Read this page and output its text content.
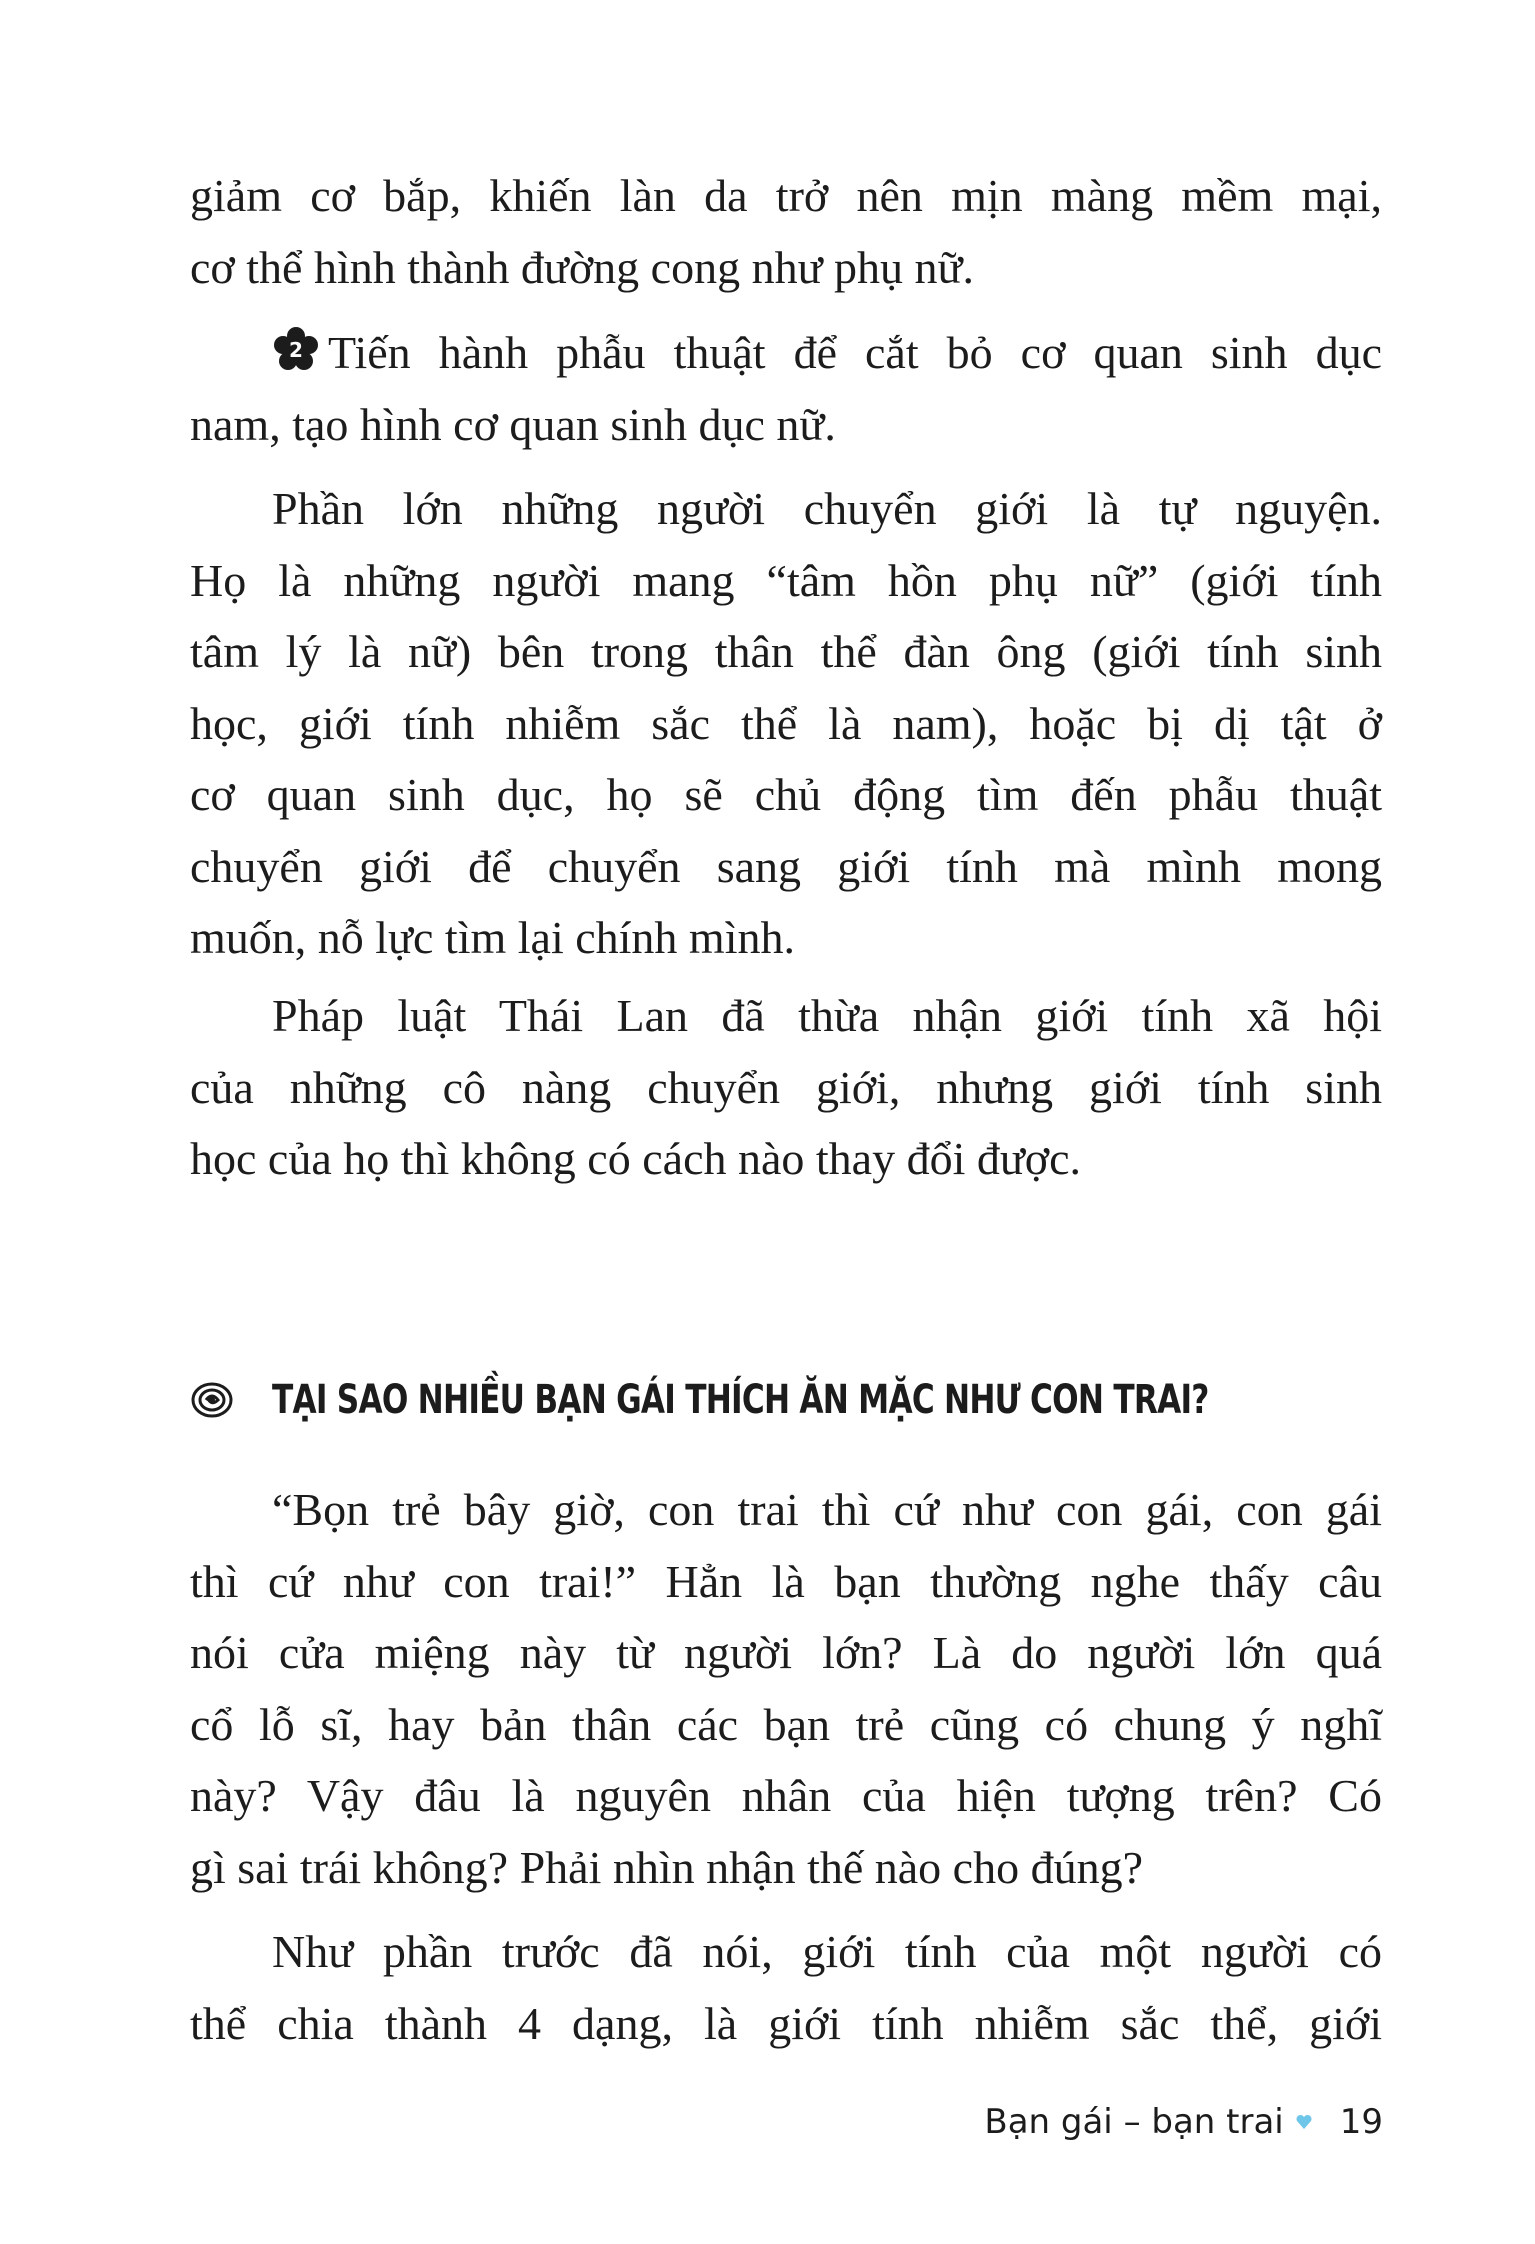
giảm cơ bắp, khiến làn da trở nên mịn màng mềm mại,
cơ thể hình thành đường cong như phụ nữ.

2 Tiến hành phẫu thuật để cắt bỏ cơ quan sinh dục
nam, tạo hình cơ quan sinh dục nữ.

Phần lớn những người chuyển giới là tự nguyện.
Họ là những người mang “tâm hồn phụ nữ” (giới tính
tâm lý là nữ) bên trong thân thể đàn ông (giới tính sinh
học, giới tính nhiễm sắc thể là nam), hoặc bị dị tật ở
cơ quan sinh dục, họ sẽ chủ động tìm đến phẫu thuật
chuyển giới để chuyển sang giới tính mà mình mong
muốn, nỗ lực tìm lại chính mình.

Pháp luật Thái Lan đã thừa nhận giới tính xã hội
của những cô nàng chuyển giới, nhưng giới tính sinh
học của họ thì không có cách nào thay đổi được.

TẠI SAO NHIỀU BẠN GÁI THÍCH ĂN MẶC NHƯ CON TRAI?

“Bọn trẻ bây giờ, con trai thì cứ như con gái, con gái
thì cứ như con trai!” Hẳn là bạn thường nghe thấy câu
nói cửa miệng này từ người lớn? Là do người lớn quá
cổ lỗ sĩ, hay bản thân các bạn trẻ cũng có chung ý nghĩ
này? Vậy đâu là nguyên nhân của hiện tượng trên? Có
gì sai trái không? Phải nhìn nhận thế nào cho đúng?

Như phần trước đã nói, giới tính của một người có
thể chia thành 4 dạng, là giới tính nhiễm sắc thể, giới

Bạn gái – bạn trai 19
